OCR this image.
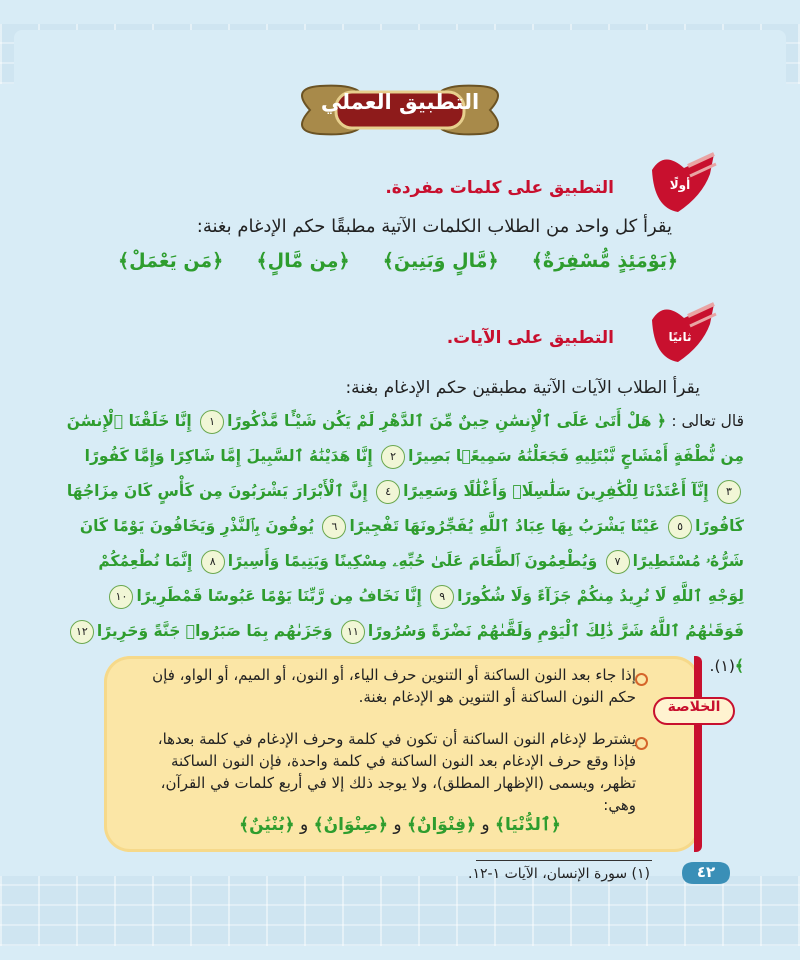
التطبيق العملي
أولًا
التطبيق على كلمات مفردة.
يقرأ كل واحد من الطلاب الكلمات الآتية مطبقًا حكم الإدغام بغنة:
﴿مَن يَعْمَلْ﴾ ﴿مِن مَّالٍ﴾ ﴿مَّالٍ وَبَنِينَ﴾ ﴿يَوْمَئِذٍ مُّسْفِرَةٌ﴾
ثانيًا
التطبيق على الآيات.
يقرأ الطلاب الآيات الآتية مطبقين حكم الإدغام بغنة:
قال تعالى : ﴿ هَلْ أَتَىٰ عَلَى ٱلْإِنسَٰنِ حِينٌ مِّنَ ٱلدَّهْرِ لَمْ يَكُن شَيْـًٔا مَّذْكُورًا١ إِنَّا خَلَقْنَا ٱلْإِنسَٰنَ مِن نُّطْفَةٍ أَمْشَاجٍ نَّبْتَلِيهِ فَجَعَلْنَٰهُ سَمِيعًۢا بَصِيرًا٢ إِنَّا هَدَيْنَٰهُ ٱلسَّبِيلَ إِمَّا شَاكِرًا وَإِمَّا كَفُورًا٣ إِنَّآ أَعْتَدْنَا لِلْكَٰفِرِينَ سَلَٰسِلَا۟ وَأَغْلَٰلًا وَسَعِيرًا٤ إِنَّ ٱلْأَبْرَارَ يَشْرَبُونَ مِن كَأْسٍ كَانَ مِزَاجُهَا كَافُورًا٥ عَيْنًا يَشْرَبُ بِهَا عِبَادُ ٱللَّهِ يُفَجِّرُونَهَا تَفْجِيرًا٦ يُوفُونَ بِٱلنَّذْرِ وَيَخَافُونَ يَوْمًا كَانَ شَرُّهُۥ مُسْتَطِيرًا٧ وَيُطْعِمُونَ ٱلطَّعَامَ عَلَىٰ حُبِّهِۦ مِسْكِينًا وَيَتِيمًا وَأَسِيرًا٨ إِنَّمَا نُطْعِمُكُمْ لِوَجْهِ ٱللَّهِ لَا نُرِيدُ مِنكُمْ جَزَآءً وَلَا شُكُورًا٩ إِنَّا نَخَافُ مِن رَّبِّنَا يَوْمًا عَبُوسًا قَمْطَرِيرًا١٠ فَوَقَىٰهُمُ ٱللَّهُ شَرَّ ذَٰلِكَ ٱلْيَوْمِ وَلَقَّىٰهُمْ نَضْرَةً وَسُرُورًا١١ وَجَزَىٰهُم بِمَا صَبَرُوا۟ جَنَّةً وَحَرِيرًا١٢ ﴾(١).
الخلاصة
إذا جاء بعد النون الساكنة أو التنوين حرف الياء، أو النون، أو الميم، أو الواو، فإن حكم النون الساكنة أو التنوين هو الإدغام بغنة.
يشترط لإدغام النون الساكنة أن تكون في كلمة وحرف الإدغام في كلمة بعدها، فإذا وقع حرف الإدغام بعد النون الساكنة في كلمة واحدة، فإن النون الساكنة تظهر، ويسمى (الإظهار المطلق)، ولا يوجد ذلك إلا في أربع كلمات في القرآن، وهي:
﴿ٱلدُّنْيَا﴾ و ﴿قِنْوَانٌ﴾ و ﴿صِنْوَانٌ﴾ و ﴿بُنْيَٰنٌ﴾
٤٢
(١) سورة الإنسان، الآيات ١-١٢.
